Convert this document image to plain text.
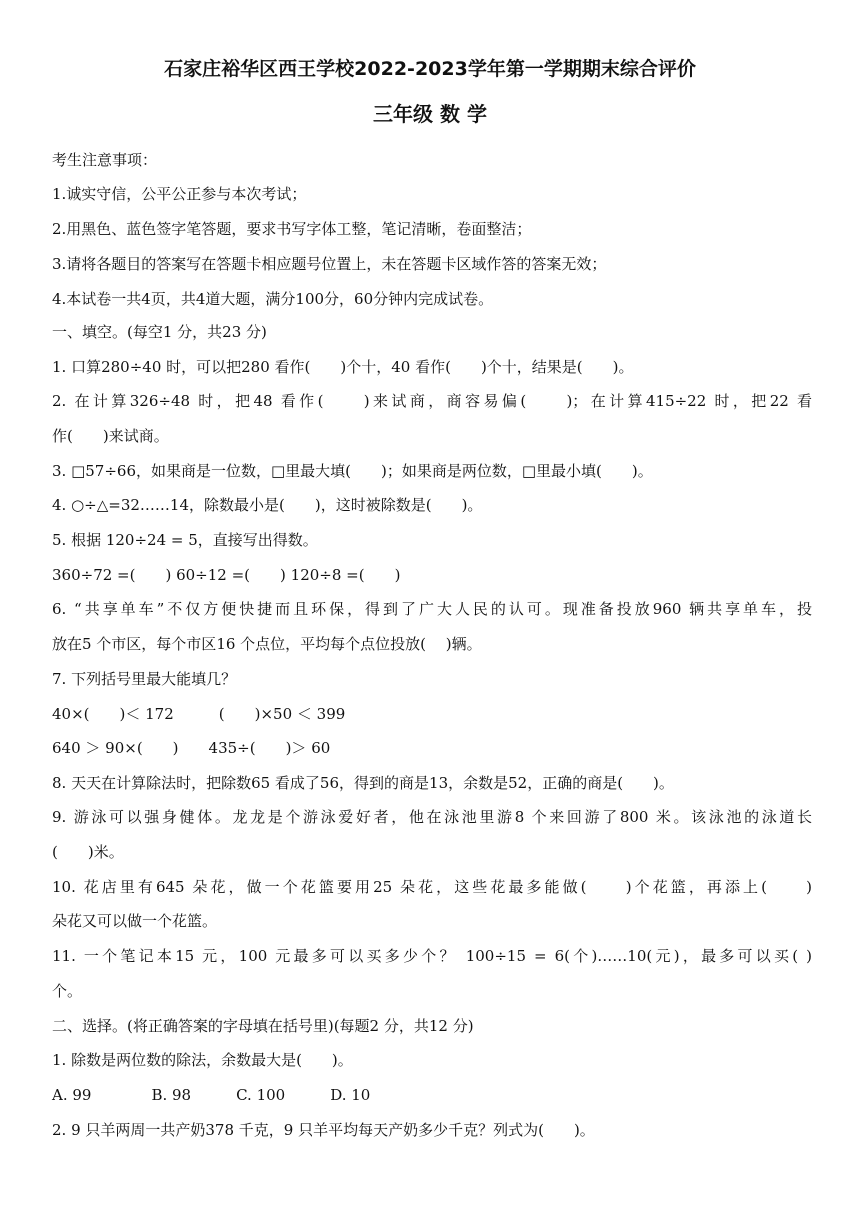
石家庄裕华区西王学校2022-2023学年第一学期期末综合评价
三年级 数 学
考生注意事项：
1.诚实守信，公平公正参与本次考试；
2.用黑色、蓝色签字笔答题，要求书写字体工整，笔记清晰，卷面整洁；
3.请将各题目的答案写在答题卡相应题号位置上，未在答题卡区域作答的答案无效；
4.本试卷一共4页，共4道大题，满分100分，60分钟内完成试卷。
一、填空。(每空1 分，共23 分)
1. 口算280÷40 时，可以把280 看作(　　)个十，40 看作(　　)个十，结果是(　　)。
2. 在计算326÷48 时，把48 看作(　　)来试商，商容易偏(　　)；在计算415÷22 时，把22 看
作(　　)来试商。
3. □57÷66，如果商是一位数，□里最大填(　　)；如果商是两位数，□里最小填(　　)。
4. ○÷△=32……14，除数最小是(　　)，这时被除数是(　　)。
5. 根据 120÷24 = 5，直接写出得数。
360÷72 =(　　) 60÷12 =(　　) 120÷8 =(　　)
6. “共享单车”不仅方便快捷而且环保，得到了广大人民的认可。现准备投放960 辆共享单车，投
放在5 个市区，每个市区16 个点位，平均每个点位投放(　 )辆。
7. 下列括号里最大能填几？
40×(　　)＜ 172　　　(　　)×50 ＜ 399
640 ＞ 90×(　　)　　435÷(　　)＞ 60
8. 天天在计算除法时，把除数65 看成了56，得到的商是13，余数是52，正确的商是(　　)。
9. 游泳可以强身健体。龙龙是个游泳爱好者，他在泳池里游8 个来回游了800 米。该泳池的泳道长
(　　)米。
10. 花店里有645 朵花，做一个花篮要用25 朵花，这些花最多能做(　　)个花篮，再添上(　　)
朵花又可以做一个花篮。
11. 一个笔记本15 元，100 元最多可以买多少个？ 100÷15 = 6(个)……10(元)，最多可以买( )
个。
二、选择。(将正确答案的字母填在括号里)(每题2 分，共12 分)
1. 除数是两位数的除法，余数最大是(　　)。
A. 99　　　　B. 98　　　C. 100　　　D. 10
2. 9 只羊两周一共产奶378 千克，9 只羊平均每天产奶多少千克？列式为(　　)。
